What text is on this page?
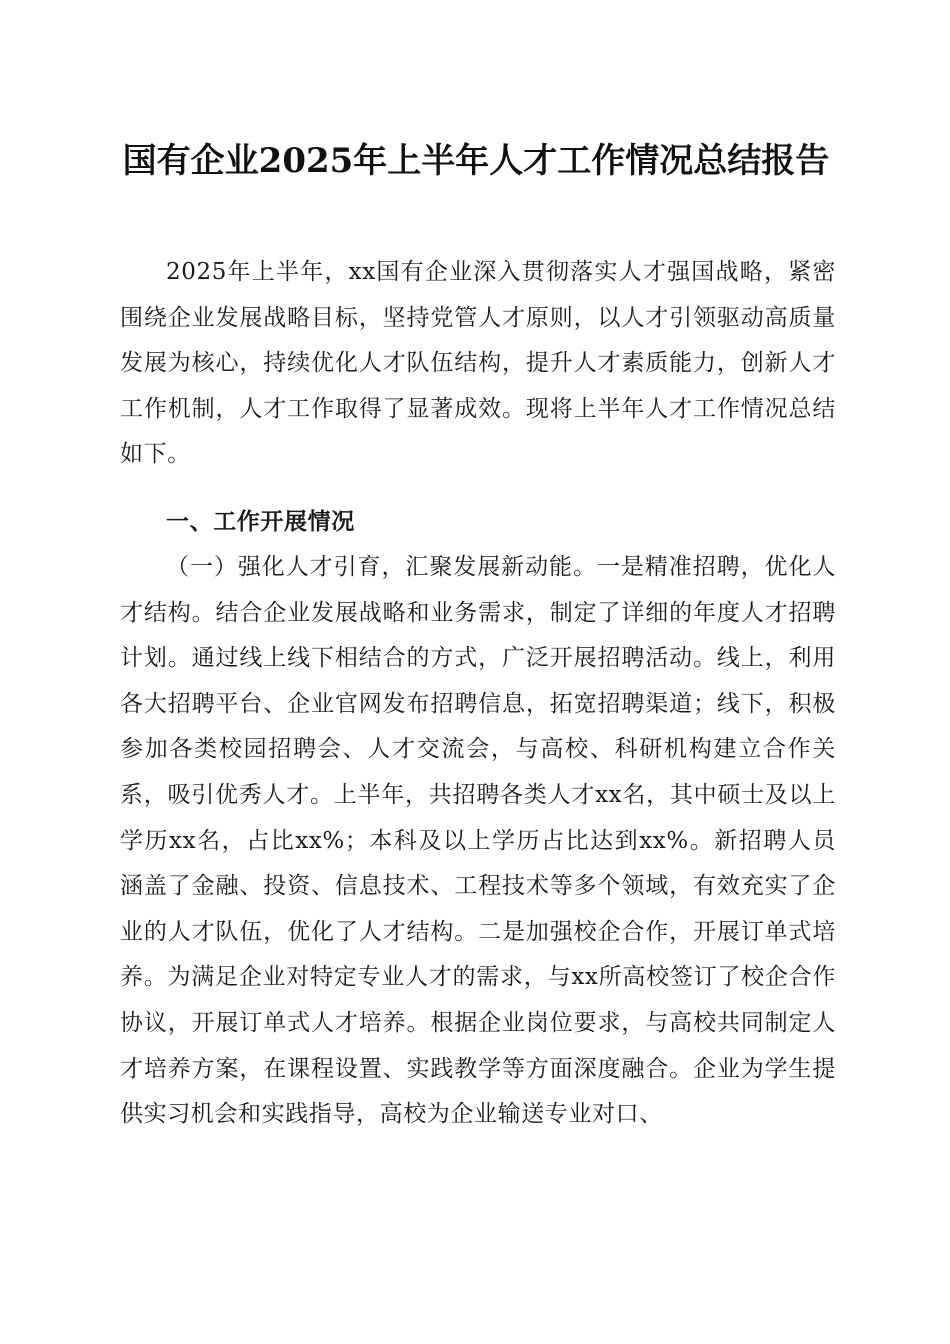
国有企业2025年上半年人才工作情况总结报告

2025年上半年，xx国有企业深入贯彻落实人才强国战略，紧密围绕企业发展战略目标，坚持党管人才原则，以人才引领驱动高质量发展为核心，持续优化人才队伍结构，提升人才素质能力，创新人才工作机制，人才工作取得了显著成效。现将上半年人才工作情况总结如下。

一、工作开展情况

（一）强化人才引育，汇聚发展新动能。一是精准招聘，优化人才结构。结合企业发展战略和业务需求，制定了详细的年度人才招聘计划。通过线上线下相结合的方式，广泛开展招聘活动。线上，利用各大招聘平台、企业官网发布招聘信息，拓宽招聘渠道；线下，积极参加各类校园招聘会、人才交流会，与高校、科研机构建立合作关系，吸引优秀人才。上半年，共招聘各类人才xx名，其中硕士及以上学历xx名，占比xx%；本科及以上学历占比达到xx%。新招聘人员涵盖了金融、投资、信息技术、工程技术等多个领域，有效充实了企业的人才队伍，优化了人才结构。二是加强校企合作，开展订单式培养。为满足企业对特定专业人才的需求，与xx所高校签订了校企合作协议，开展订单式人才培养。根据企业岗位要求，与高校共同制定人才培养方案，在课程设置、实践教学等方面深度融合。企业为学生提供实习机会和实践指导，高校为企业输送专业对口、
